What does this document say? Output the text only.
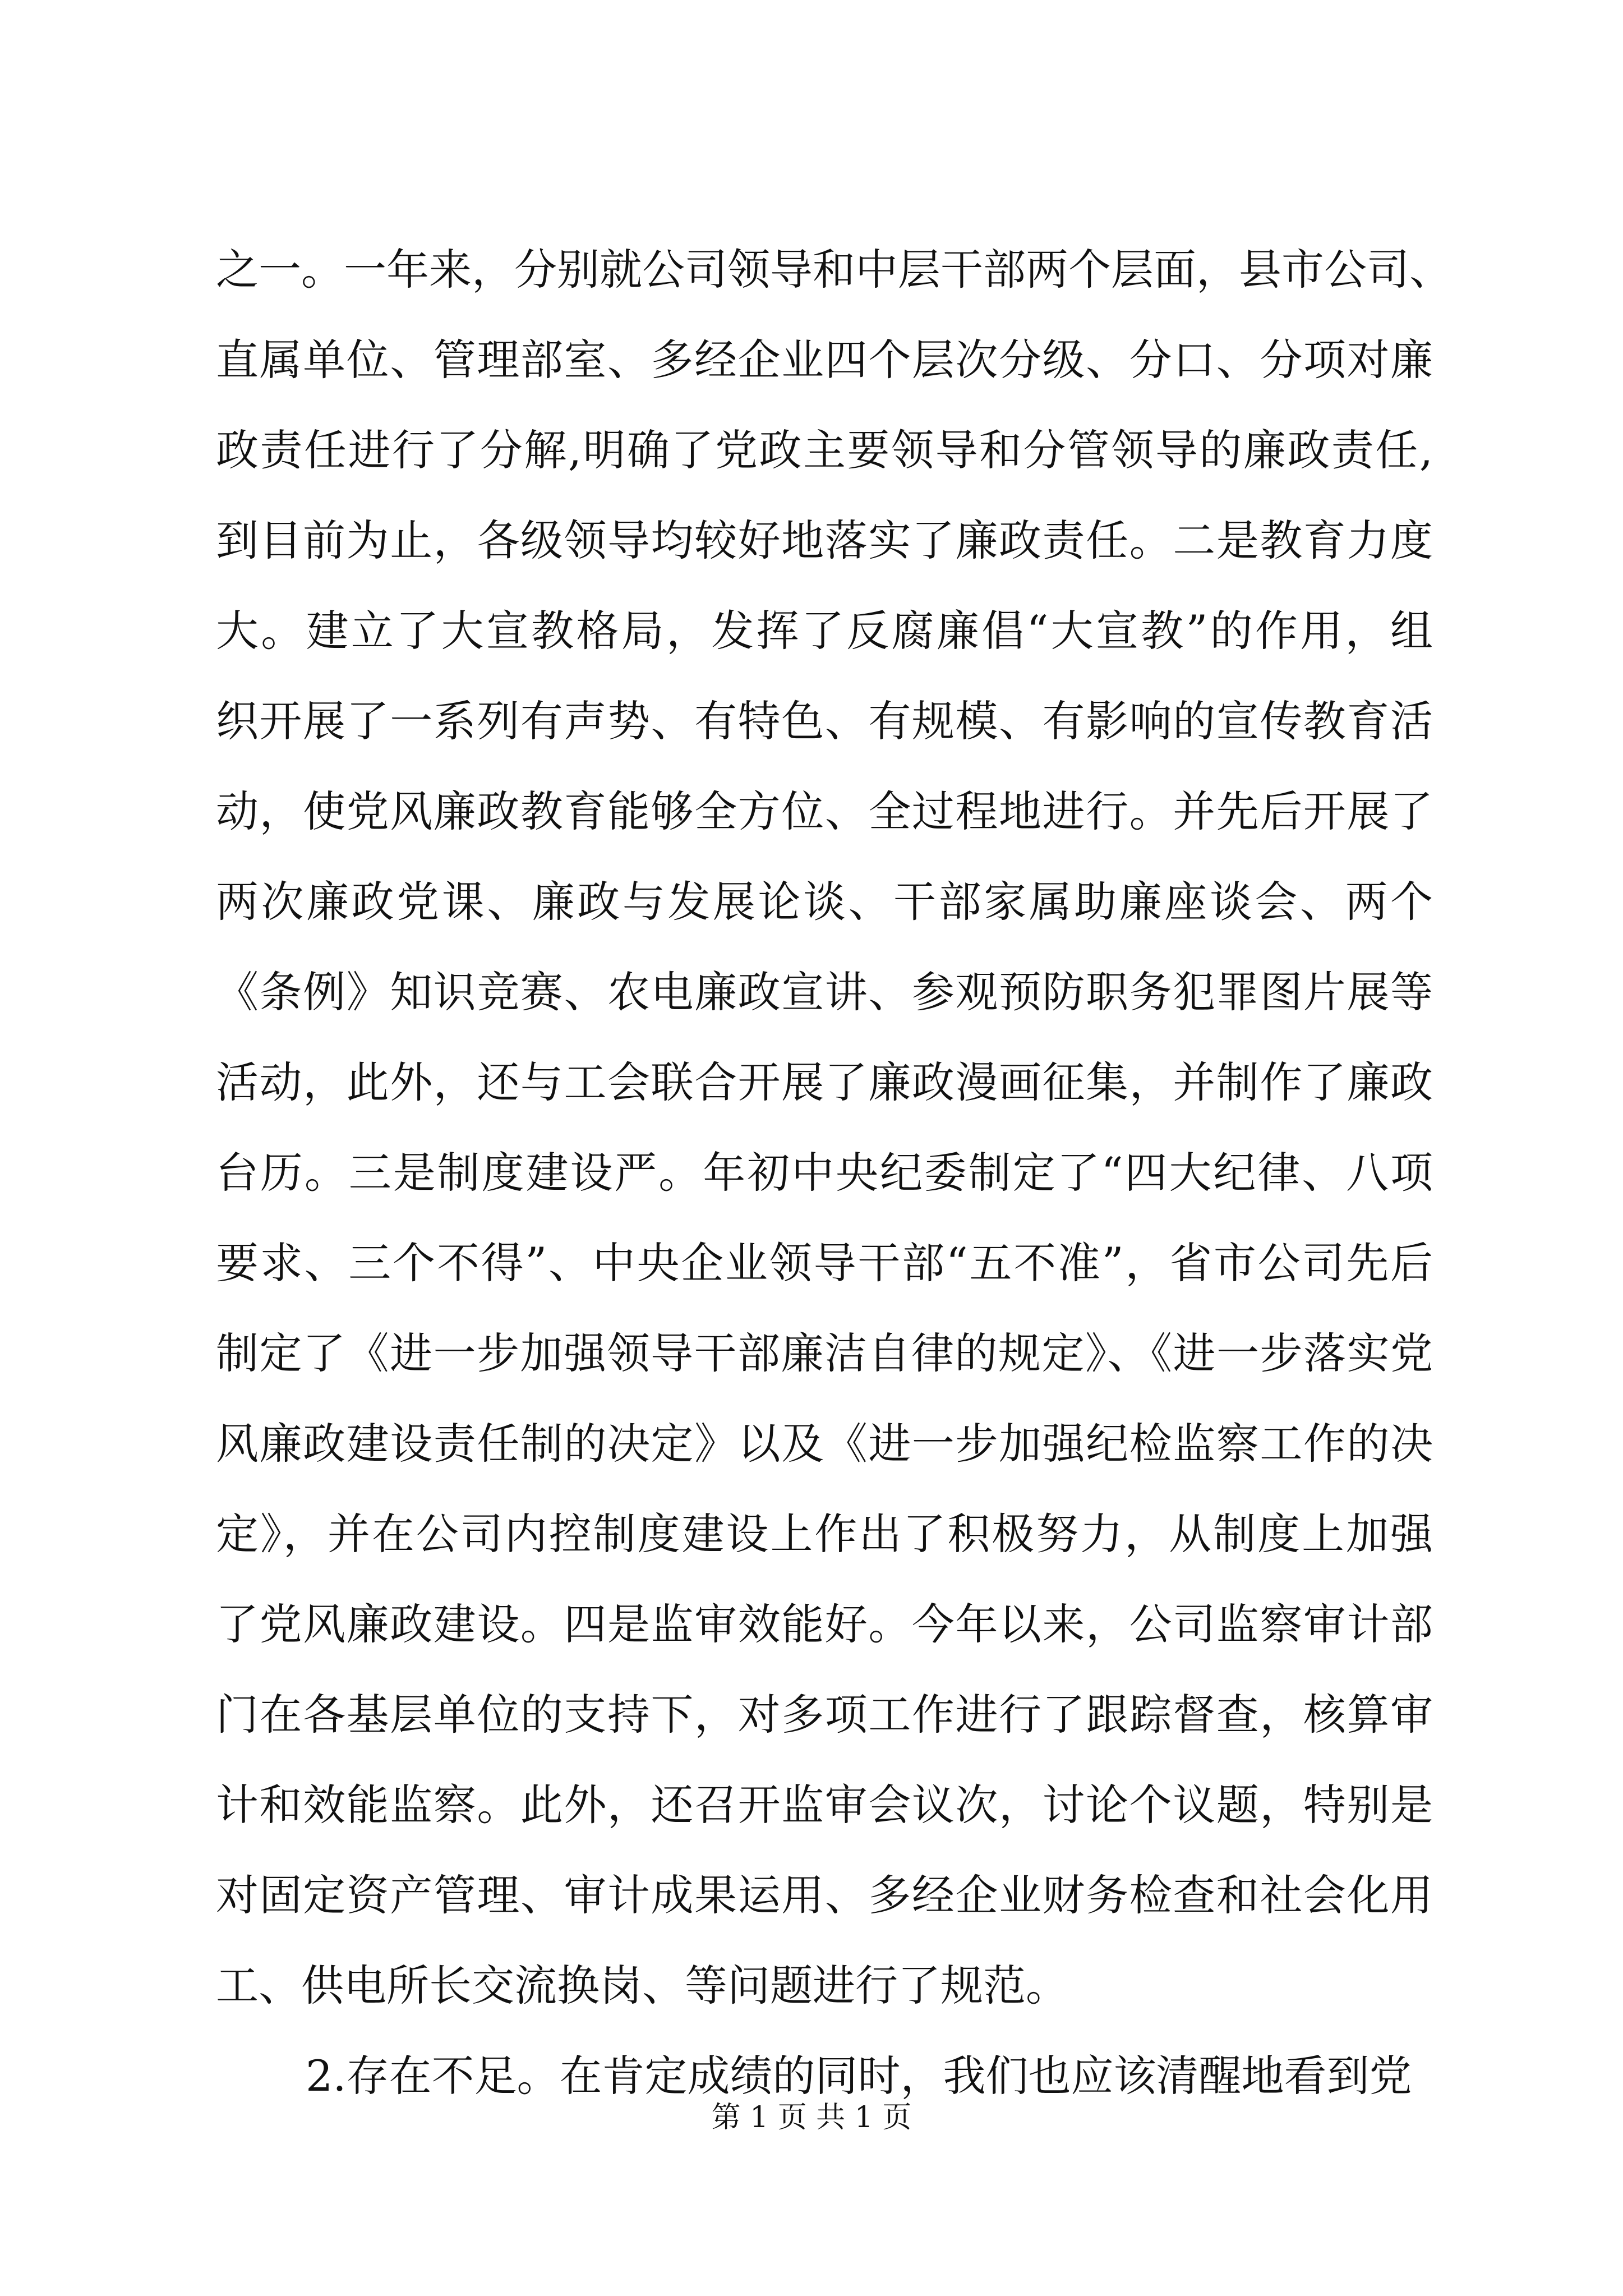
之一。一年来，分别就公司领导和中层干部两个层面，县市公司、
直属单位、管理部室、多经企业四个层次分级、分口、分项对廉
政责任进行了分解,明确了党政主要领导和分管领导的廉政责任,
到目前为止，各级领导均较好地落实了廉政责任。二是教育力度
大。建立了大宣教格局，发挥了反腐廉倡“大宣教”的作用，组
织开展了一系列有声势、有特色、有规模、有影响的宣传教育活
动，使党风廉政教育能够全方位、全过程地进行。并先后开展了
两次廉政党课、廉政与发展论谈、干部家属助廉座谈会、两个
《条例》知识竞赛、农电廉政宣讲、参观预防职务犯罪图片展等
活动，此外，还与工会联合开展了廉政漫画征集，并制作了廉政
台历。三是制度建设严。年初中央纪委制定了“四大纪律、八项
要求、三个不得”、中央企业领导干部“五不准”，省市公司先后
制定了《进一步加强领导干部廉洁自律的规定》、《进一步落实党
风廉政建设责任制的决定》以及《进一步加强纪检监察工作的决
定》，并在公司内控制度建设上作出了积极努力，从制度上加强
了党风廉政建设。四是监审效能好。今年以来，公司监察审计部
门在各基层单位的支持下，对多项工作进行了跟踪督查，核算审
计和效能监察。此外，还召开监审会议次，讨论个议题，特别是
对固定资产管理、审计成果运用、多经企业财务检查和社会化用
工、供电所长交流换岗、等问题进行了规范。
2.存在不足。在肯定成绩的同时，我们也应该清醒地看到党
第 1 页 共 1 页
